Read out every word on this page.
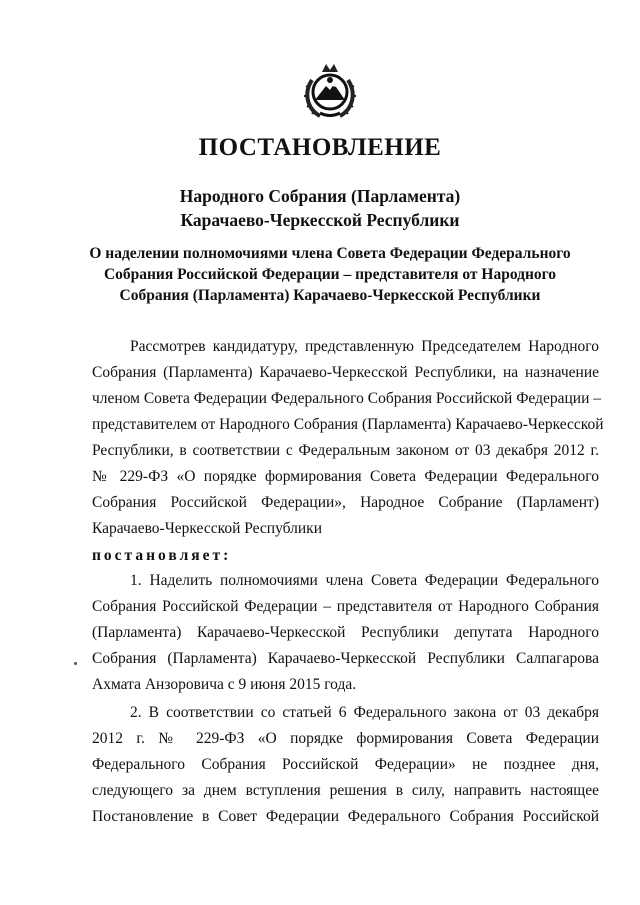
ПОСТАНОВЛЕНИЕ
Народного Собрания (Парламента)
Карачаево-Черкесской Республики
О наделении полномочиями члена Совета Федерации Федерального
Собрания Российской Федерации – представителя от Народного
Собрания (Парламента) Карачаево-Черкесской Республики
Рассмотрев кандидатуру, представленную Председателем Народного
Собрания (Парламента) Карачаево-Черкесской Республики, на назначение
членом Совета Федерации Федерального Собрания Российской Федерации –
представителем от Народного Собрания (Парламента) Карачаево-Черкесской
Республики, в соответствии с Федеральным законом от 03 декабря 2012 г.
№ 229-ФЗ «О порядке формирования Совета Федерации Федерального
Собрания Российской Федерации», Народное Собрание (Парламент)
Карачаево-Черкесской Республики
постановляет:
1. Наделить полномочиями члена Совета Федерации Федерального
Собрания Российской Федерации – представителя от Народного Собрания
(Парламента) Карачаево-Черкесской Республики депутата Народного
Собрания (Парламента) Карачаево-Черкесской Республики Салпагарова
Ахмата Анзоровича с 9 июня 2015 года.
2. В соответствии со статьей 6 Федерального закона от 03 декабря
2012 г. № 229-ФЗ «О порядке формирования Совета Федерации
Федерального Собрания Российской Федерации» не позднее дня,
следующего за днем вступления решения в силу, направить настоящее
Постановление в Совет Федерации Федерального Собрания Российской
